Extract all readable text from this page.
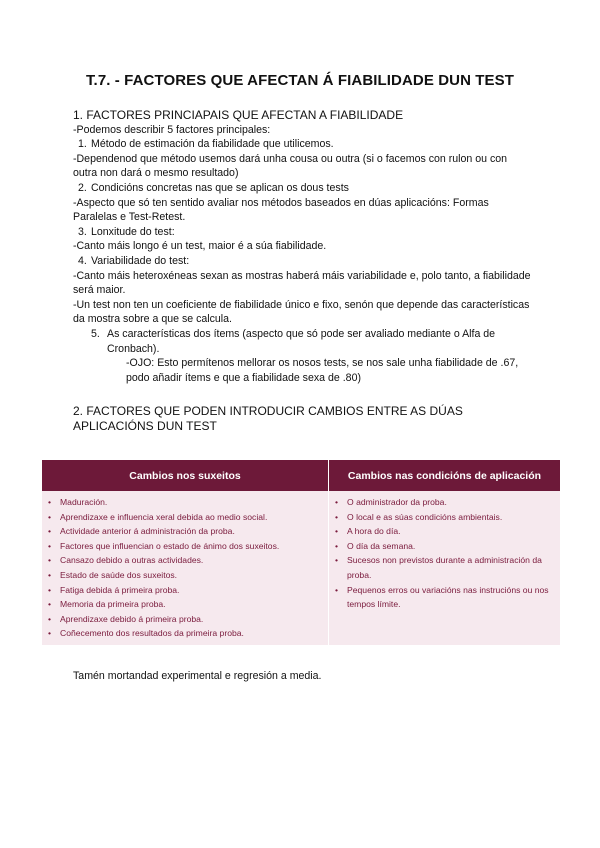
T.7. - FACTORES QUE AFECTAN Á FIABILIDADE DUN TEST

1. FACTORES PRINCIAPAIS QUE AFECTAN A FIABILIDADE

-Podemos describir 5 factores principales:

1. Método de estimación da fiabilidade que utilicemos.

-Dependenod que método usemos dará unha cousa ou outra (si o facemos con rulon ou con outra non dará o mesmo resultado)

2. Condicións concretas nas que se aplican os dous tests

-Aspecto que só ten sentido avaliar nos métodos baseados en dúas aplicacións: Formas Paralelas e Test-Retest.

3. Lonxitude do test:

-Canto máis longo é un test, maior é a súa fiabilidade.

4. Variabilidade do test:

-Canto máis heteroxéneas sexan as mostras haberá máis variabilidade e, polo tanto, a fiabilidade será maior.

-Un test non ten un coeficiente de fiabilidade único e fixo, senón que depende das características da mostra sobre a que se calcula.

5. As características dos ítems (aspecto que só pode ser avaliado mediante o Alfa de Cronbach).

-OJO: Esto permítenos mellorar os nosos tests, se nos sale unha fiabilidade de .67, podo añadir ítems e que a fiabilidade sexa de .80)

2. FACTORES QUE PODEN INTRODUCIR CAMBIOS ENTRE AS DÚAS APLICACIÓNS DUN TEST
Cambios nos suxeitos	Cambios nas condicións de aplicación
• Maduración.
• Aprendizaxe e influencia xeral debida ao medio social.
• Actividade anterior á administración da proba.
• Factores que influencian o estado de ánimo dos suxeitos.
• Cansazo debido a outras actividades.
• Estado de saúde dos suxeitos.
• Fatiga debida á primeira proba.
• Memoria da primeira proba.
• Aprendizaxe debido á primeira proba.
• Coñecemento dos resultados da primeira proba.
• O administrador da proba.
• O local e as súas condicións ambientais.
• A hora do día.
• O día da semana.
• Sucesos non previstos durante a administración da proba.
• Pequenos erros ou variacións nas instrucións ou nos tempos límite.
Tamén mortandad experimental e regresión a media.
